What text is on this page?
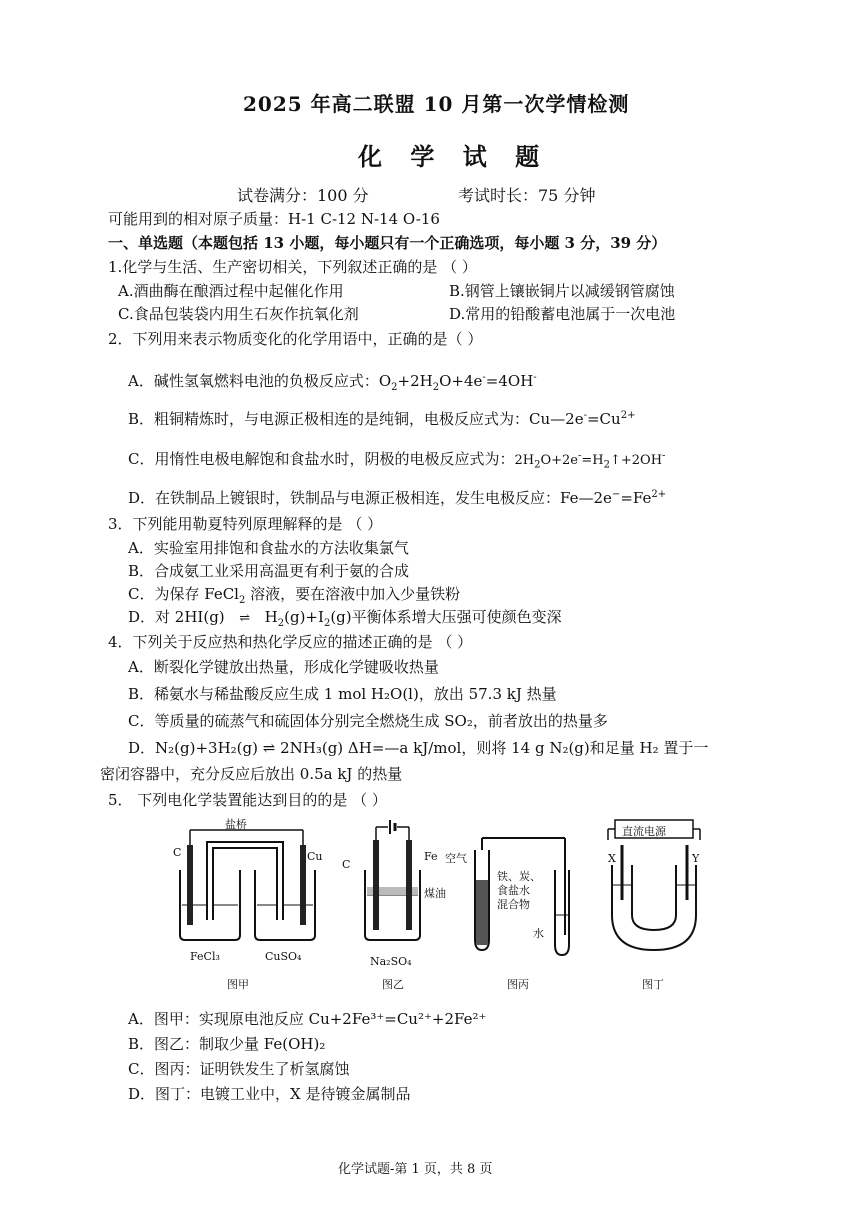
2025 年高二联盟 10 月第一次学情检测
化 学 试 题
试卷满分：100 分	考试时长：75 分钟
可能用到的相对原子质量：H-1 C-12 N-14 O-16
一、单选题（本题包括 13 小题，每小题只有一个正确选项，每小题 3 分，39 分）
1.化学与生活、生产密切相关，下列叙述正确的是 （ ）
A.酒曲酶在酿酒过程中起催化作用	B.钢管上镶嵌铜片以减缓钢管腐蚀
C.食品包装袋内用生石灰作抗氧化剂	D.常用的铅酸蓄电池属于一次电池
2．下列用来表示物质变化的化学用语中，正确的是（ ）
A．碱性氢氧燃料电池的负极反应式：$O_2+2H_2O+4e^-=4OH^-$
B．粗铜精炼时，与电源正极相连的是纯铜，电极反应式为：$Cu—2e^-=Cu^{2+}$
C．用惰性电极电解饱和食盐水时，阴极的电极反应式为：$2H_2O+2e^-=H_2↑+2OH^-$
D．在铁制品上镀银时，铁制品与电源正极相连，发生电极反应：$Fe—2e^-=Fe^{2+}$
3．下列能用勒夏特列原理解释的是 （ ）
A．实验室用排饱和食盐水的方法收集氯气
B．合成氨工业采用高温更有利于氨的合成
C．为保存 FeCl$_2$ 溶液，要在溶液中加入少量铁粉
D．对 2HI(g) ⇌ $H_2(g)+I_2(g)$平衡体系增大压强可使颜色变深
4．下列关于反应热和热化学反应的描述正确的是 （ ）
A．断裂化学键放出热量，形成化学键吸收热量
B．稀氨水与稀盐酸反应生成 1 mol H₂O(l)，放出 57.3 kJ 热量
C．等质量的硫蒸气和硫固体分别完全燃烧生成 SO₂，前者放出的热量多
D．N₂(g)+3H₂(g) ⇌ 2NH₃(g) ΔH=—a kJ/mol，则将 14 g N₂(g)和足量 H₂ 置于一
密闭容器中，充分反应后放出 0.5a kJ 的热量
5． 下列电化学装置能达到目的的是 （ ）
盐桥
C	Cu
FeCl₃	CuSO₄
图甲
C
Fe
煤油
Na₂SO₄
图乙
空气
铁、炭、
食盐水
混合物
水
图丙
直流电源
X	Y
图丁
A．图甲：实现原电池反应 Cu+2Fe³⁺=Cu²⁺+2Fe²⁺
B．图乙：制取少量 Fe(OH)₂
C．图丙：证明铁发生了析氢腐蚀
D．图丁：电镀工业中，X 是待镀金属制品
化学试题-第 1 页，共 8 页
